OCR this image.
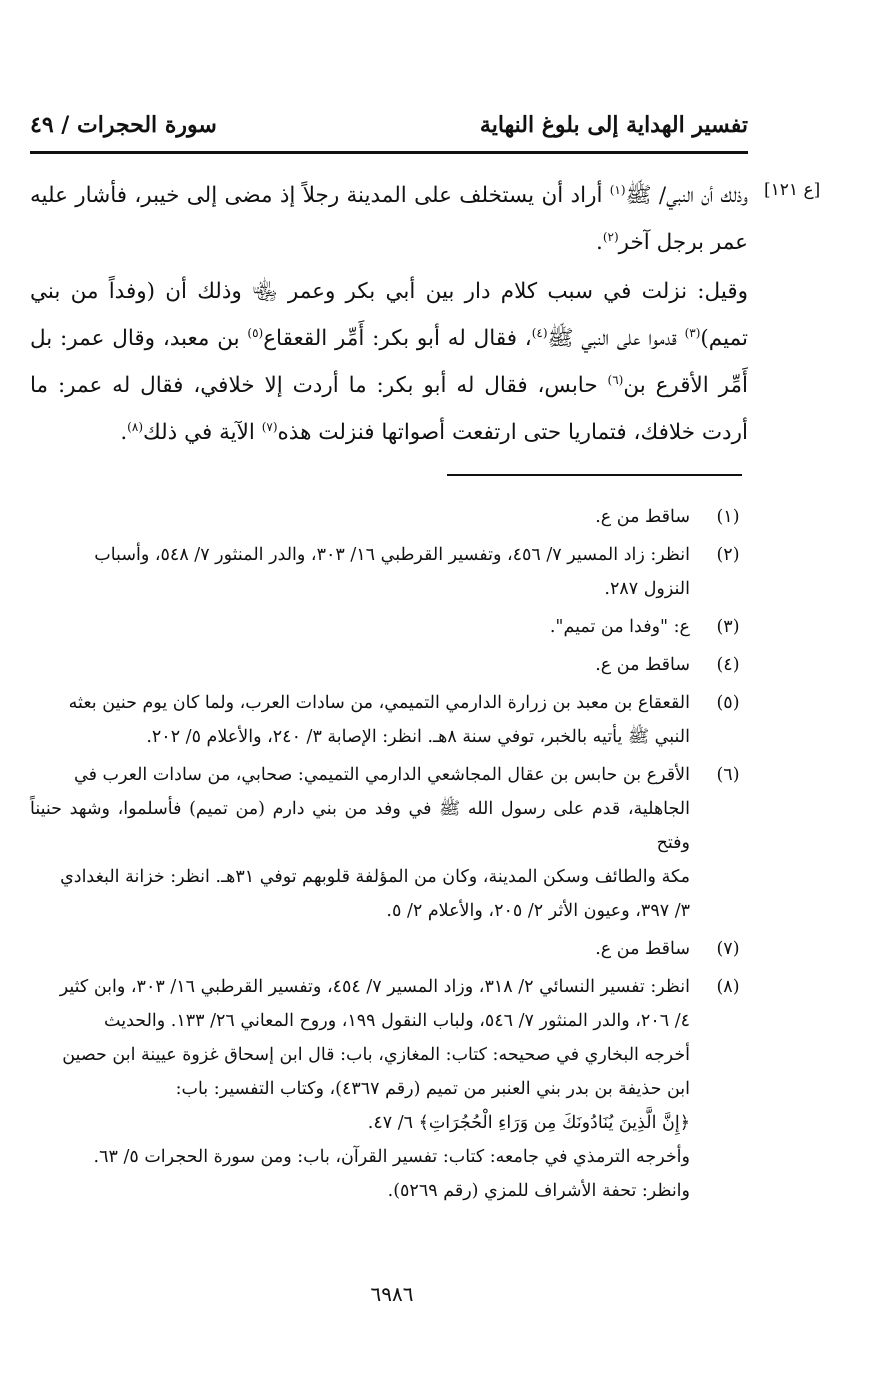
تفسير الهداية إلى بلوغ النهاية
سورة الحجرات / ٤٩
[ع ١٢١]
وذلك أن النبي/ ﷺ$^{(١)}$ أراد أن يستخلف على المدينة رجلاً إذ مضى إلى خيبر، فأشار عليه عمر برجل آخر$^{(٢)}$.
وقيل: نزلت في سبب كلام دار بين أبي بكر وعمر ﵄ وذلك أن (وفداً من بني تميم)$^{(٣)}$ قدموا على النبي ﷺ$^{(٤)}$، فقال له أبو بكر: أَمِّر القعقاع$^{(٥)}$ بن معبد، وقال عمر: بل أَمِّر الأقرع بن$^{(٦)}$ حابس، فقال له أبو بكر: ما أردت إلا خلافي، فقال له عمر: ما أردت خلافك، فتماريا حتى ارتفعت أصواتها فنزلت هذه$^{(٧)}$ الآية في ذلك$^{(٨)}$.
(١)
ساقط من ع.
(٢)
انظر: زاد المسير ٧/ ٤٥٦، وتفسير القرطبي ١٦/ ٣٠٣، والدر المنثور ٧/ ٥٤٨، وأسباب
النزول ٢٨٧.
(٣)
ع: "وفدا من تميم".
(٤)
ساقط من ع.
(٥)
القعقاع بن معبد بن زرارة الدارمي التميمي، من سادات العرب، ولما كان يوم حنين بعثه
النبي ﷺ يأتيه بالخبر، توفي سنة ٨هـ. انظر: الإصابة ٣/ ٢٤٠، والأعلام ٥/ ٢٠٢.
(٦)
الأقرع بن حابس بن عقال المجاشعي الدارمي التميمي: صحابي، من سادات العرب في
الجاهلية، قدم على رسول الله ﷺ في وفد من بني دارم (من تميم) فأسلموا، وشهد حنيناً وفتح
مكة والطائف وسكن المدينة، وكان من المؤلفة قلوبهم توفي ٣١هـ. انظر: خزانة البغدادي
٣/ ٣٩٧، وعيون الأثر ٢/ ٢٠٥، والأعلام ٢/ ٥.
(٧)
ساقط من ع.
(٨)
انظر: تفسير النسائي ٢/ ٣١٨، وزاد المسير ٧/ ٤٥٤، وتفسير القرطبي ١٦/ ٣٠٣، وابن كثير
٤/ ٢٠٦، والدر المنثور ٧/ ٥٤٦، ولباب النقول ١٩٩، وروح المعاني ٢٦/ ١٣٣. والحديث
أخرجه البخاري في صحيحه: كتاب: المغازي، باب: قال ابن إسحاق غزوة عيينة ابن حصين
ابن حذيفة بن بدر بني العنبر من تميم (رقم ٤٣٦٧)، وكتاب التفسير: باب:
﴿إِنَّ الَّذِينَ يُنَادُونَكَ مِن وَرَاءِ الْحُجُرَاتِ﴾ ٦/ ٤٧.
وأخرجه الترمذي في جامعه: كتاب: تفسير القرآن، باب: ومن سورة الحجرات ٥/ ٦٣.
وانظر: تحفة الأشراف للمزي (رقم ٥٢٦٩).
٦٩٨٦
